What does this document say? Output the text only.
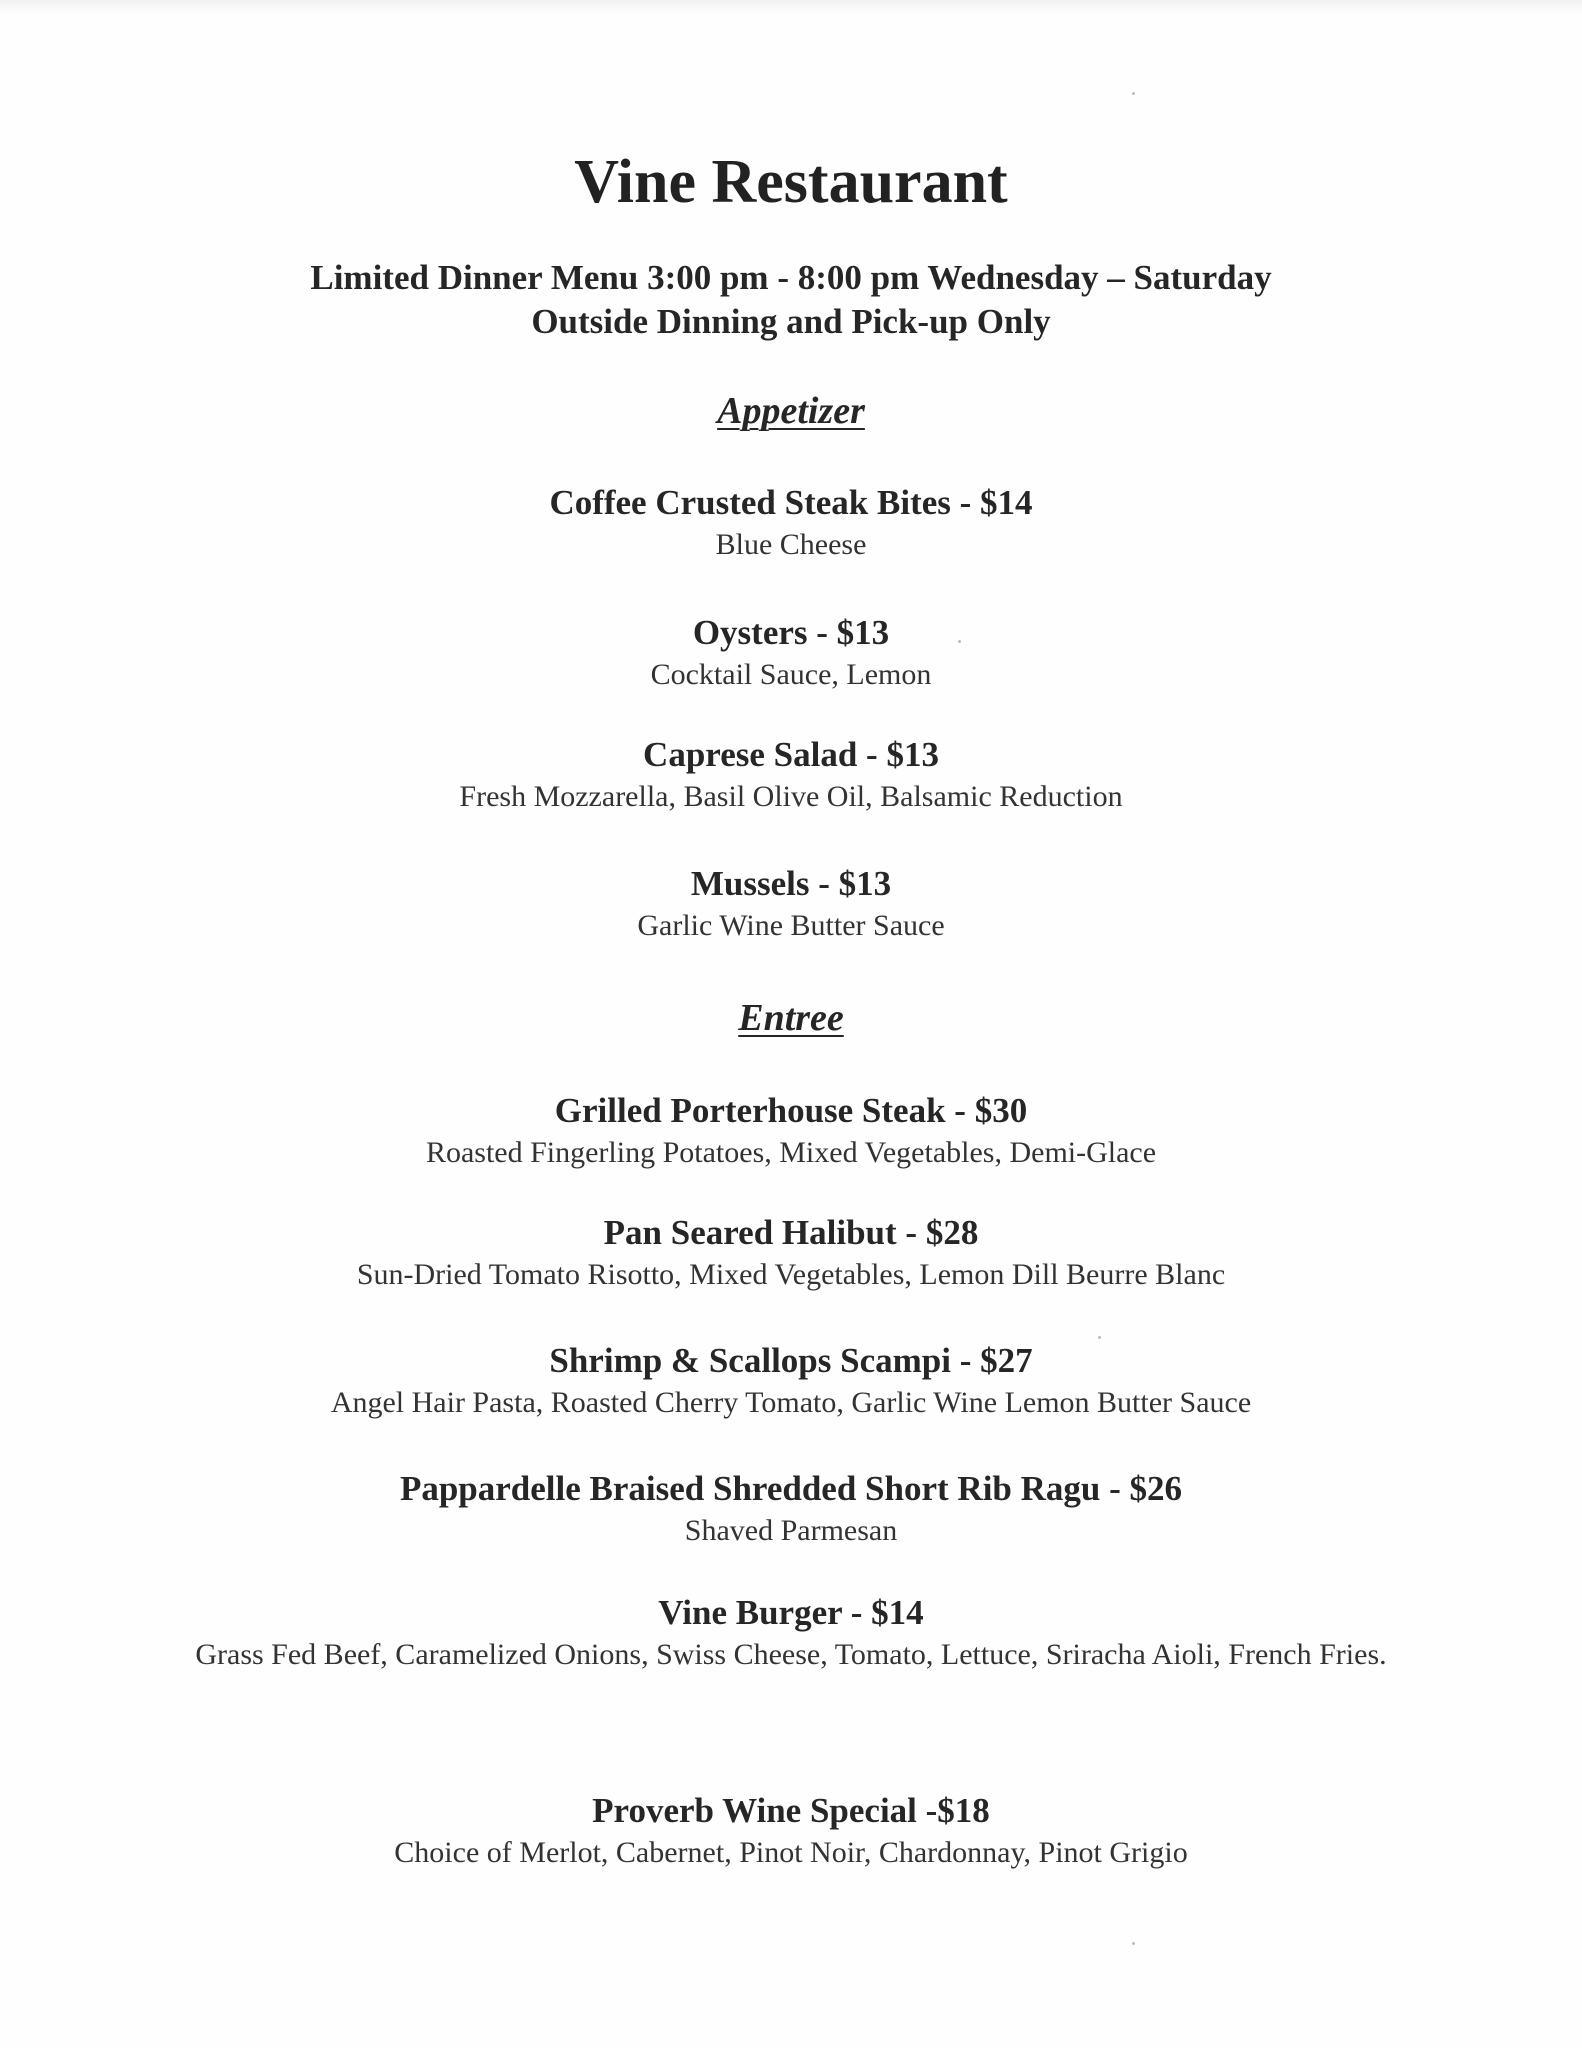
Vine Restaurant
Limited Dinner Menu 3:00 pm - 8:00 pm Wednesday – Saturday
Outside Dinning and Pick-up Only
Appetizer
Coffee Crusted Steak Bites - $14
Blue Cheese
Oysters - $13
Cocktail Sauce, Lemon
Caprese Salad - $13
Fresh Mozzarella, Basil Olive Oil, Balsamic Reduction
Mussels - $13
Garlic Wine Butter Sauce
Entree
Grilled Porterhouse Steak - $30
Roasted Fingerling Potatoes, Mixed Vegetables, Demi-Glace
Pan Seared Halibut - $28
Sun-Dried Tomato Risotto, Mixed Vegetables, Lemon Dill Beurre Blanc
Shrimp & Scallops Scampi - $27
Angel Hair Pasta, Roasted Cherry Tomato, Garlic Wine Lemon Butter Sauce
Pappardelle Braised Shredded Short Rib Ragu - $26
Shaved Parmesan
Vine Burger - $14
Grass Fed Beef, Caramelized Onions, Swiss Cheese, Tomato, Lettuce, Sriracha Aioli, French Fries.
Proverb Wine Special -$18
Choice of Merlot, Cabernet, Pinot Noir, Chardonnay, Pinot Grigio
